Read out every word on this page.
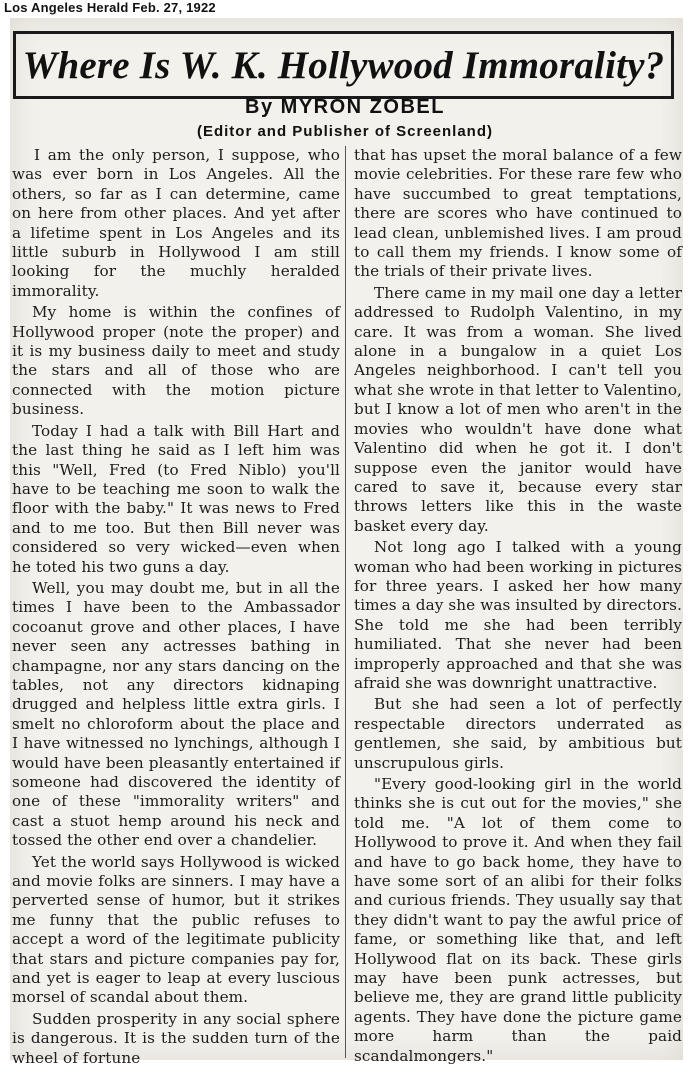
Los Angeles Herald Feb. 27, 1922
Where Is W. K. Hollywood Immorality?
By MYRON ZOBEL
(Editor and Publisher of Screenland)

I am the only person, I suppose, who was ever born in Los Angeles. All the others, so far as I can determine, came on here from other places. And yet after a lifetime spent in Los Angeles and its little suburb in Hollywood I am still looking for the muchly heralded immorality.

My home is within the confines of Hollywood proper (note the proper) and it is my business daily to meet and study the stars and all of those who are connected with the motion picture business.

Today I had a talk with Bill Hart and the last thing he said as I left him was this "Well, Fred (to Fred Niblo) you'll have to be teaching me soon to walk the floor with the baby." It was news to Fred and to me too. But then Bill never was considered so very wicked—even when he toted his two guns a day.

Well, you may doubt me, but in all the times I have been to the Ambassador cocoanut grove and other places, I have never seen any actresses bathing in champagne, nor any stars dancing on the tables, not any directors kidnaping drugged and helpless little extra girls. I smelt no chloroform about the place and I have witnessed no lynchings, although I would have been pleasantly entertained if someone had discovered the identity of one of these "immorality writers" and cast a stuot hemp around his neck and tossed the other end over a chandelier.

Yet the world says Hollywood is wicked and movie folks are sinners. I may have a perverted sense of humor, but it strikes me funny that the public refuses to accept a word of the legitimate publicity that stars and picture companies pay for, and yet is eager to leap at every luscious morsel of scandal about them.

Sudden prosperity in any social sphere is dangerous. It is the sudden turn of the wheel of fortune

that has upset the moral balance of a few movie celebrities. For these rare few who have succumbed to great temptations, there are scores who have continued to lead clean, unblemished lives. I am proud to call them my friends. I know some of the trials of their private lives.

There came in my mail one day a letter addressed to Rudolph Valentino, in my care. It was from a woman. She lived alone in a bungalow in a quiet Los Angeles neighborhood. I can't tell you what she wrote in that letter to Valentino, but I know a lot of men who aren't in the movies who wouldn't have done what Valentino did when he got it. I don't suppose even the janitor would have cared to save it, because every star throws letters like this in the waste basket every day.

Not long ago I talked with a young woman who had been working in pictures for three years. I asked her how many times a day she was insulted by directors. She told me she had been terribly humiliated. That she never had been improperly approached and that she was afraid she was downright unattractive.

But she had seen a lot of perfectly respectable directors underrated as gentlemen, she said, by ambitious but unscrupulous girls.

"Every good-looking girl in the world thinks she is cut out for the movies," she told me. "A lot of them come to Hollywood to prove it. And when they fail and have to go back home, they have to have some sort of an alibi for their folks and curious friends. They usually say that they didn't want to pay the awful price of fame, or something like that, and left Hollywood flat on its back. These girls may have been punk actresses, but believe me, they are grand little publicity agents. They have done the picture game more harm than the paid scandalmongers."
